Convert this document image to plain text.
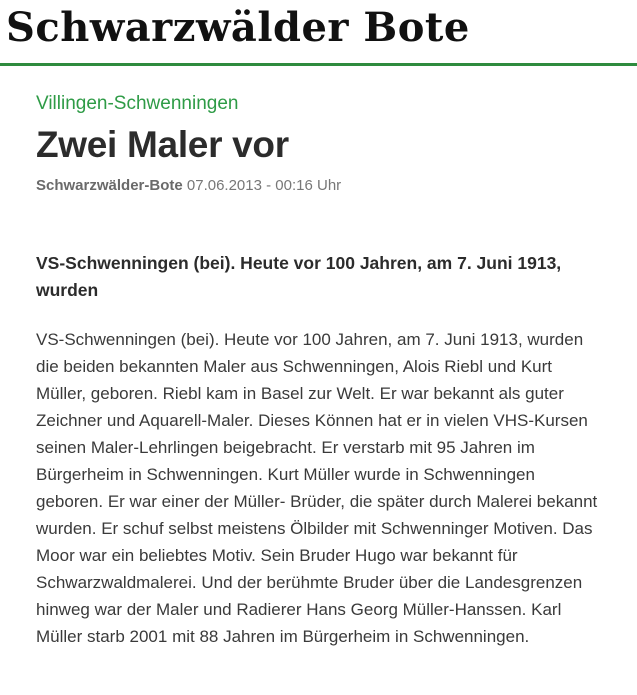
Schwarzwälder Bote
Villingen-Schwenningen
Zwei Maler vor
Schwarzwälder-Bote 07.06.2013 - 00:16 Uhr
VS-Schwenningen (bei). Heute vor 100 Jahren, am 7. Juni 1913, wurden
VS-Schwenningen (bei). Heute vor 100 Jahren, am 7. Juni 1913, wurden die beiden bekannten Maler aus Schwenningen, Alois Riebl und Kurt Müller, geboren. Riebl kam in Basel zur Welt. Er war bekannt als guter Zeichner und Aquarell-Maler. Dieses Können hat er in vielen VHS-Kursen seinen Maler-Lehrlingen beigebracht. Er verstarb mit 95 Jahren im Bürgerheim in Schwenningen. Kurt Müller wurde in Schwenningen geboren. Er war einer der Müller- Brüder, die später durch Malerei bekannt wurden. Er schuf selbst meistens Ölbilder mit Schwenninger Motiven. Das Moor war ein beliebtes Motiv. Sein Bruder Hugo war bekannt für Schwarzwaldmalerei. Und der berühmte Bruder über die Landesgrenzen hinweg war der Maler und Radierer Hans Georg Müller-Hanssen. Karl Müller starb 2001 mit 88 Jahren im Bürgerheim in Schwenningen.
